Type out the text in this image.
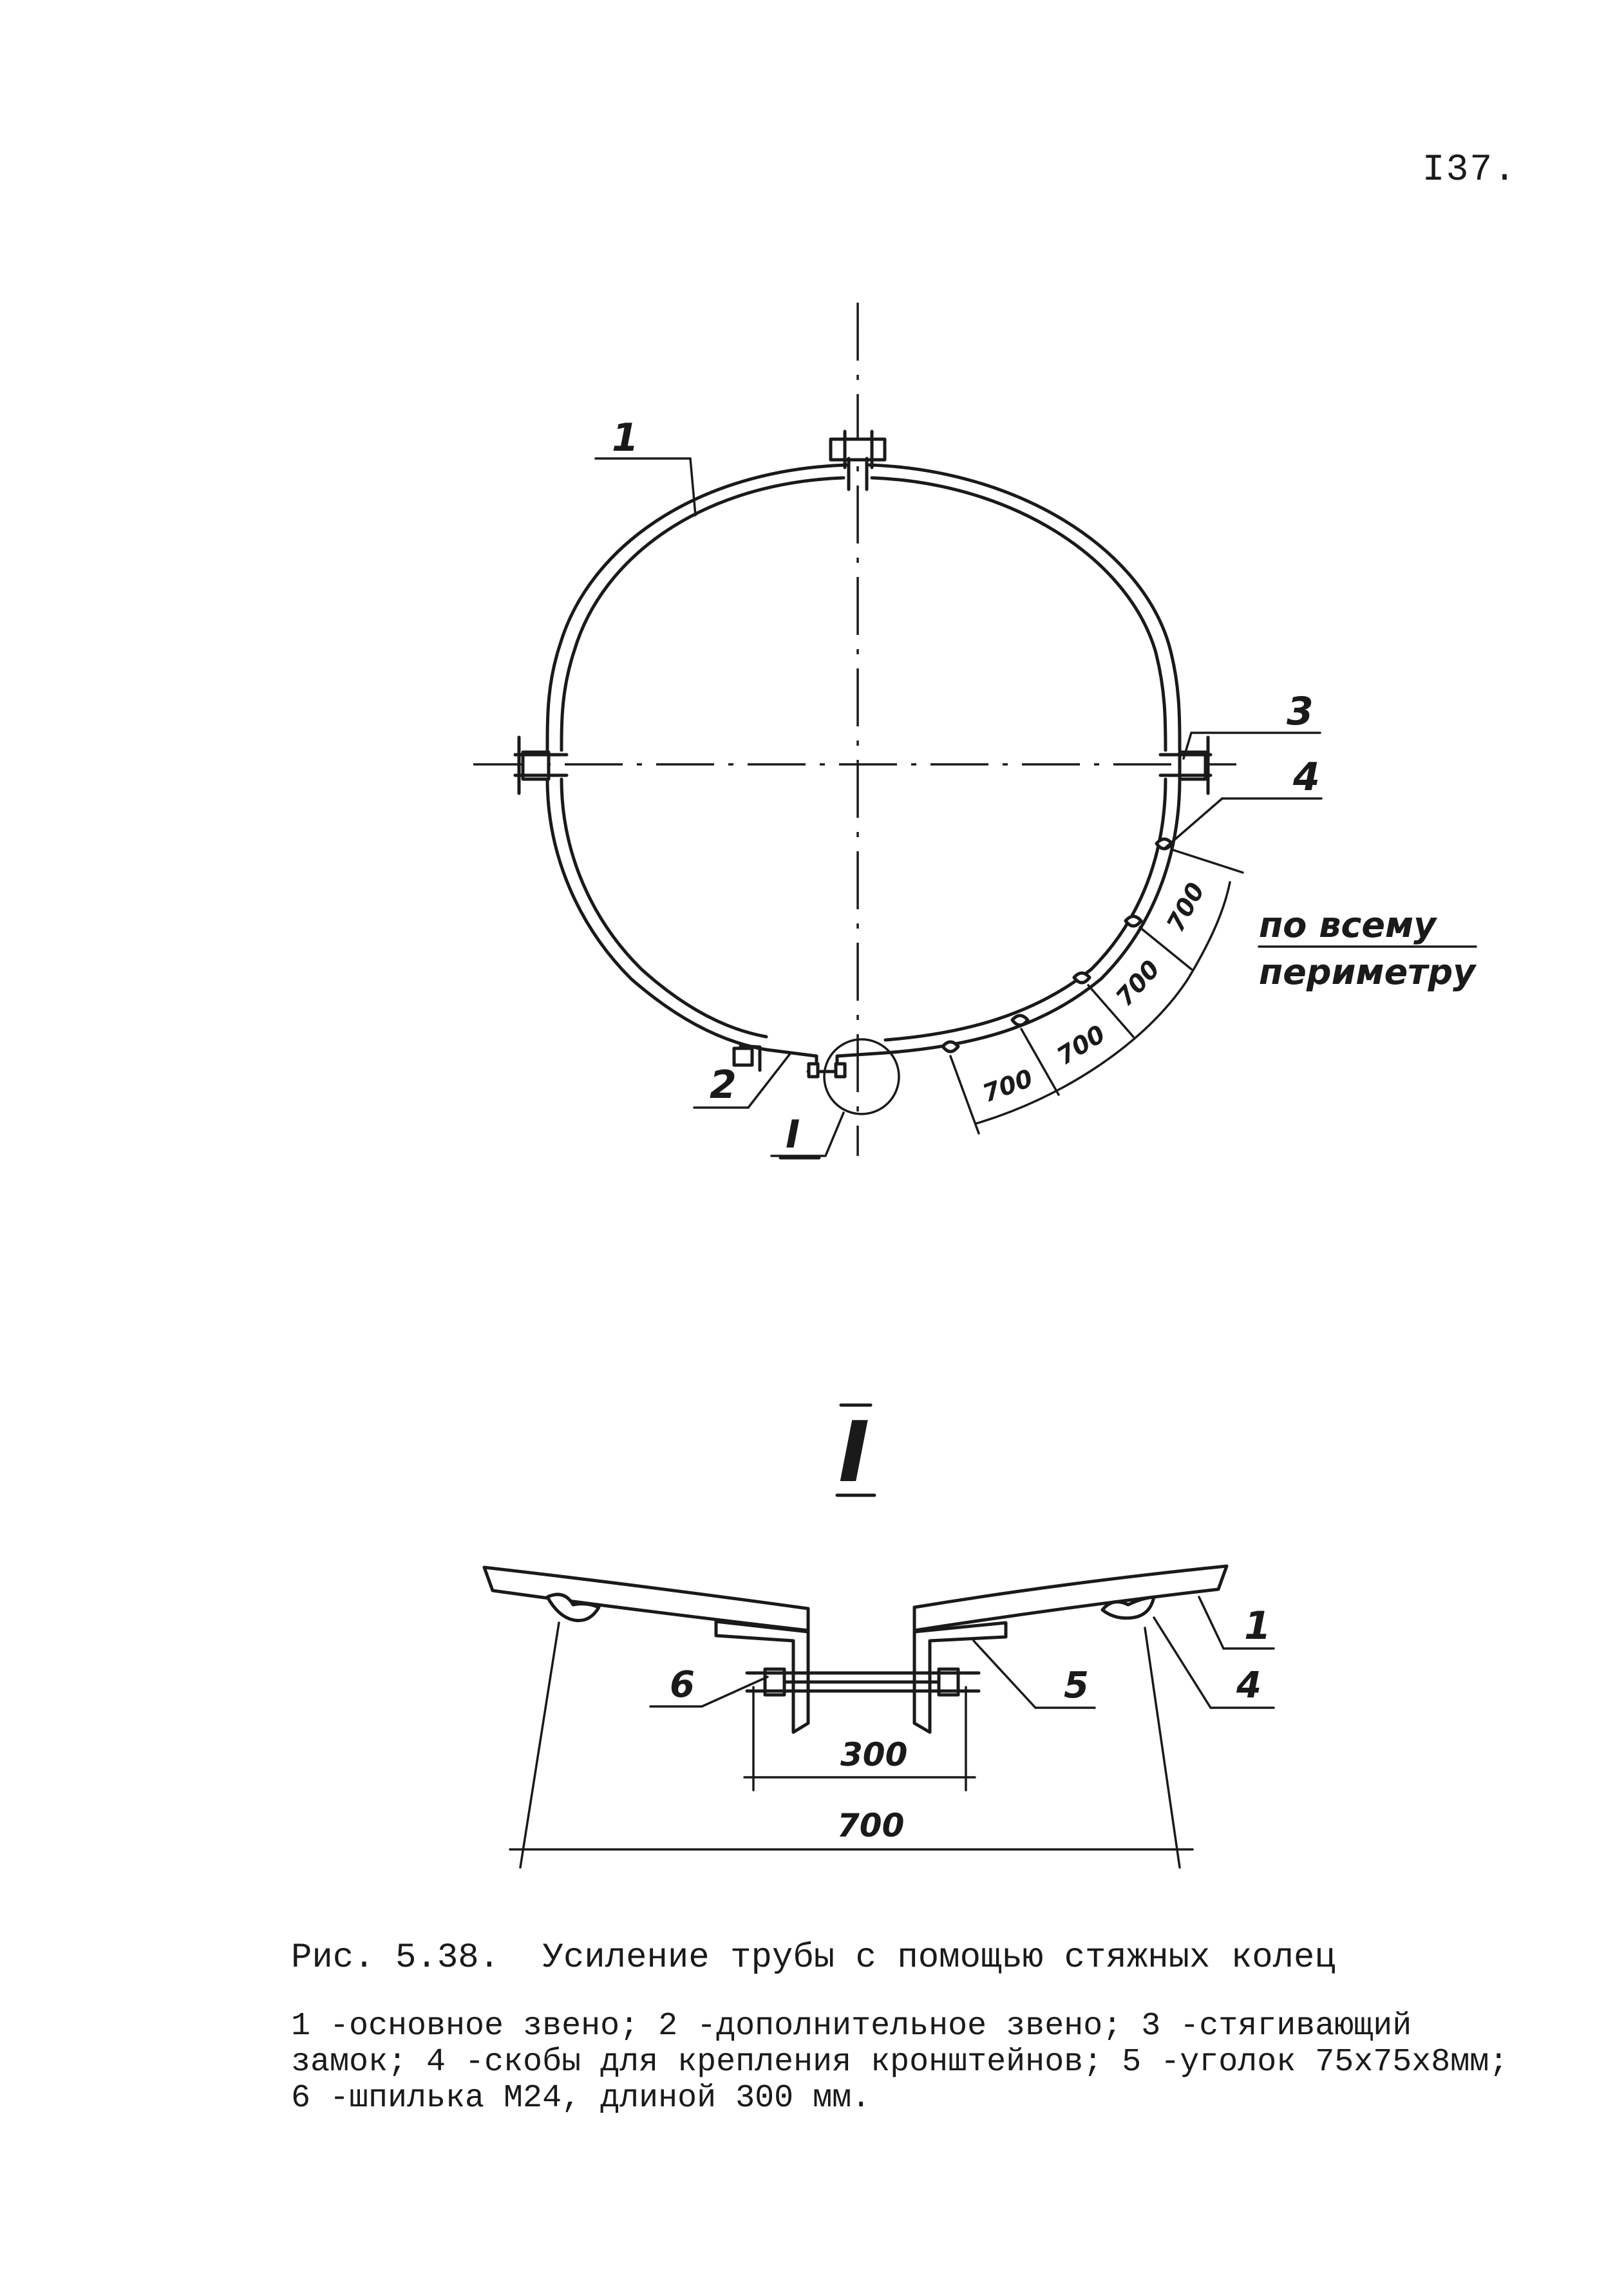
I37.
700
700
700
700
1
3
4
2
I
по всему
периметру
I
300
700
6	5	4
1

Рис. 5.38. Усиление трубы с помощью стяжных колец

1 -основное звено; 2 -дополнительное звено; 3 -стягивающий
замок; 4 -скобы для крепления кронштейнов; 5 -уголок 75x75x8мм;
6 -шпилька М24, длиной 300 мм.
